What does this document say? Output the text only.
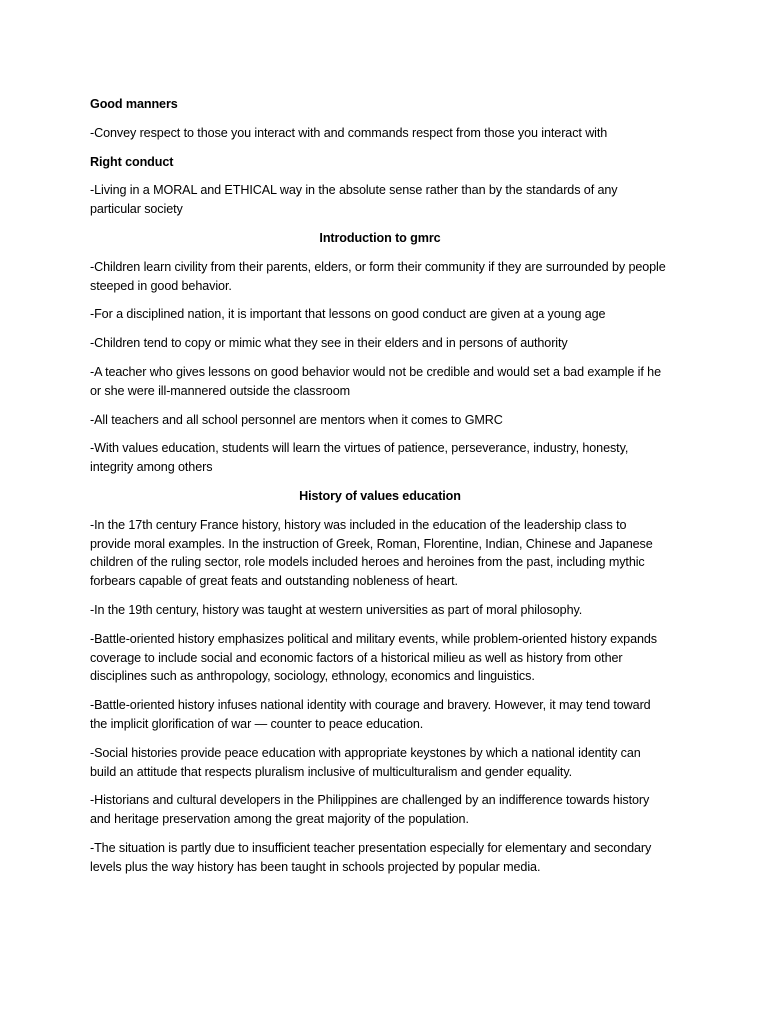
Good manners

-Convey respect to those you interact with and commands respect from those you interact with

Right conduct

-Living in a MORAL and ETHICAL way in the absolute sense rather than by the standards of any particular society

Introduction to gmrc

-Children learn civility from their parents, elders, or form their community if they are surrounded by people steeped in good behavior.

-For a disciplined nation, it is important that lessons on good conduct are given at a young age

-Children tend to copy or mimic what they see in their elders and in persons of authority

-A teacher who gives lessons on good behavior would not be credible and would set a bad example if he or she were ill-mannered outside the classroom

-All teachers and all school personnel are mentors when it comes to GMRC

-With values education, students will learn the virtues of patience, perseverance, industry, honesty, integrity among others

History of values education

-In the 17th century France history, history was included in the education of the leadership class to provide moral examples. In the instruction of Greek, Roman, Florentine, Indian, Chinese and Japanese children of the ruling sector, role models included heroes and heroines from the past, including mythic forbears capable of great feats and outstanding nobleness of heart.

-In the 19th century, history was taught at western universities as part of moral philosophy.

-Battle-oriented history emphasizes political and military events, while problem-oriented history expands coverage to include social and economic factors of a historical milieu as well as history from other disciplines such as anthropology, sociology, ethnology, economics and linguistics.

-Battle-oriented history infuses national identity with courage and bravery. However, it may tend toward the implicit glorification of war — counter to peace education.

-Social histories provide peace education with appropriate keystones by which a national identity can build an attitude that respects pluralism inclusive of multiculturalism and gender equality.

-Historians and cultural developers in the Philippines are challenged by an indifference towards history and heritage preservation among the great majority of the population.

-The situation is partly due to insufficient teacher presentation especially for elementary and secondary levels plus the way history has been taught in schools projected by popular media.
